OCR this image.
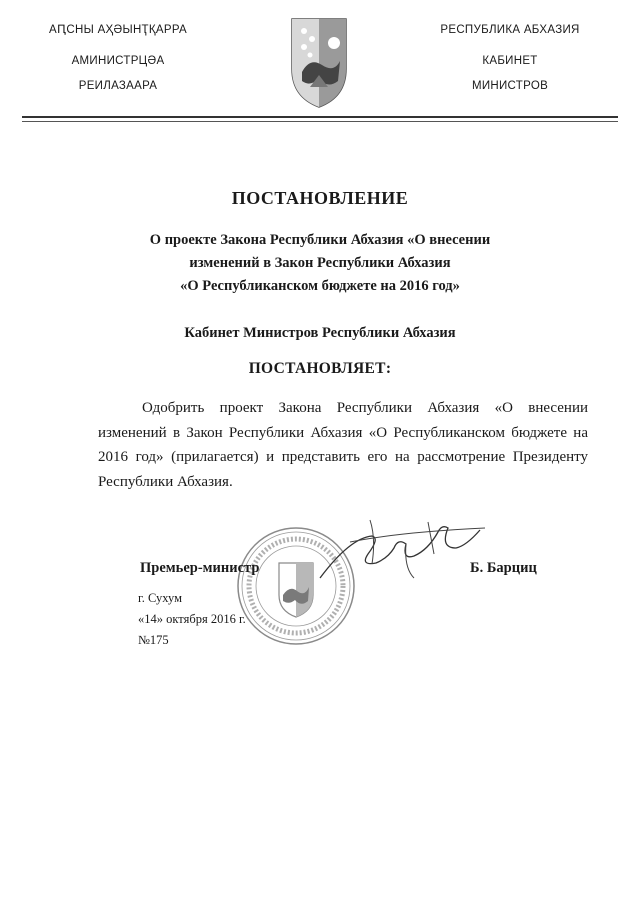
АԤСНЫ АҲӘЫНҬҚАРРА
АМИНИСТРЦӘА
РЕИЛАЗААРА
РЕСПУБЛИКА АБХАЗИЯ
КАБИНЕТ
МИНИСТРОВ
ПОСТАНОВЛЕНИЕ
О проекте Закона Республики Абхазия «О внесении
изменений в Закон Республики Абхазия
«О Республиканском бюджете на 2016 год»
Кабинет Министров Республики Абхазия
ПОСТАНОВЛЯЕТ:
Одобрить проект Закона Республики Абхазия «О внесении изменений в Закон Республики Абхазия «О Республиканском бюджете на 2016 год» (прилагается) и представить его на рассмотрение Президенту Республики Абхазия.
Премьер-министр	Б. Барциц
г. Сухум
«14» октября 2016 г.
№175
